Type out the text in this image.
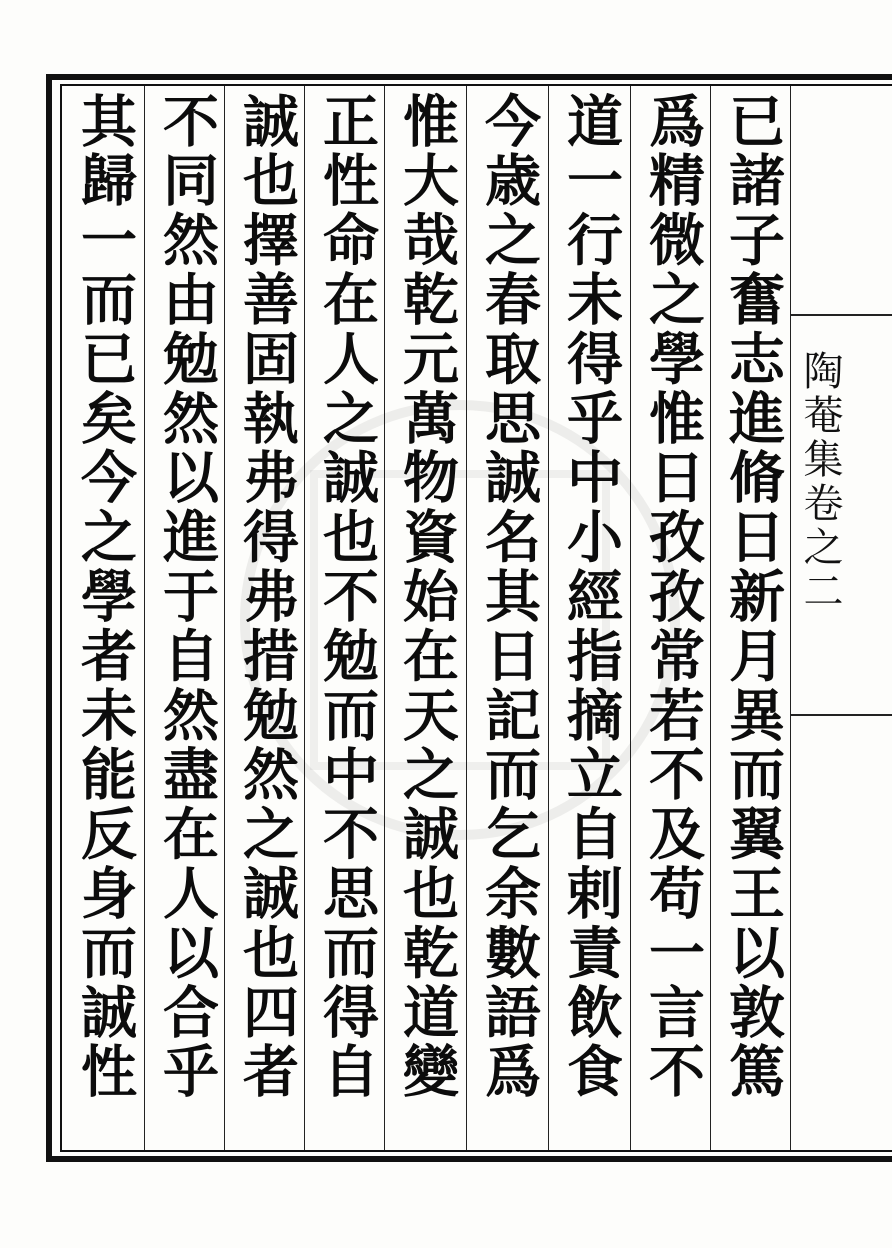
陶菴集卷之二
已諸子奮志進脩日新月異而翼王以敦篤
爲精微之學惟日孜孜常若不及苟一言不
道一行未得乎中小經指摘立自剌責飲食
今歳之春取思誠名其日記而乞余數語爲
惟大哉乾元萬物資始在天之誠也乾道變
正性命在人之誠也不勉而中不思而得自
誠也擇善固執弗得弗措勉然之誠也四者
不同然由勉然以進于自然盡在人以合乎
其歸一而已矣今之學者未能反身而誠性
